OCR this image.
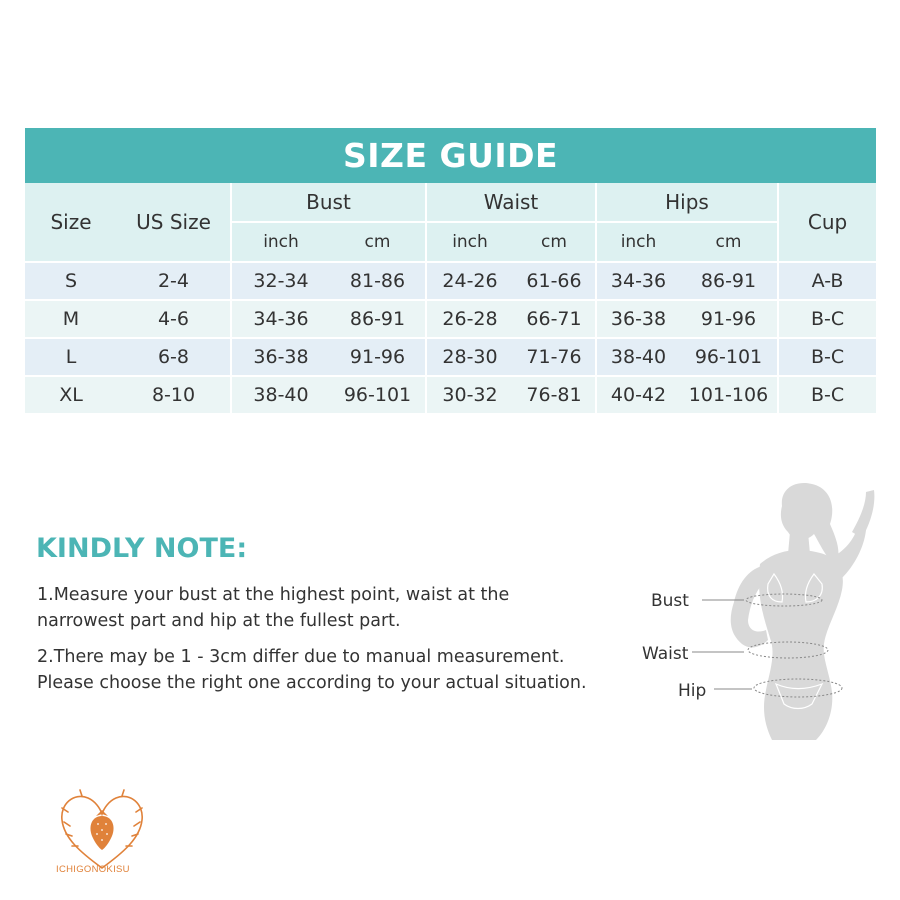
SIZE GUIDE								
Size	US Size	Bust		Waist		Hips		Cup
		inch	cm	inch	cm	inch	cm	
S	2-4	32-34	81-86	24-26	61-66	34-36	86-91	A-B
M	4-6	34-36	86-91	26-28	66-71	36-38	91-96	B-C
L	6-8	36-38	91-96	28-30	71-76	38-40	96-101	B-C
XL	8-10	38-40	96-101	30-32	76-81	40-42	101-106	B-C
KINDLY NOTE:
1.Measure your bust at the highest point, waist at the
narrowest part and hip at the fullest part.
2.There may be 1 - 3cm differ due to manual measurement.
Please choose the right one according to your actual situation.
Bust
Waist
Hip
ICHIGONOKISU
